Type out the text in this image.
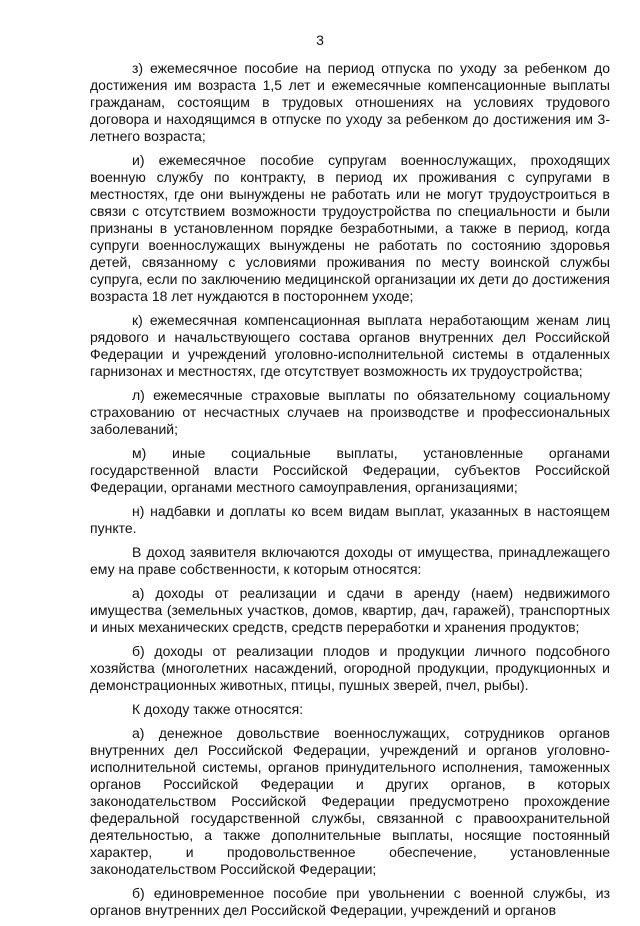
3

з) ежемесячное пособие на период отпуска по уходу за ребенком до достижения им возраста 1,5 лет и ежемесячные компенсационные выплаты гражданам, состоящим в трудовых отношениях на условиях трудового договора и находящимся в отпуске по уходу за ребенком до достижения им 3-летнего возраста;

и) ежемесячное пособие супругам военнослужащих, проходящих военную службу по контракту, в период их проживания с супругами в местностях, где они вынуждены не работать или не могут трудоустроиться в связи с отсутствием возможности трудоустройства по специальности и были признаны в установленном порядке безработными, а также в период, когда супруги военнослужащих вынуждены не работать по состоянию здоровья детей, связанному с условиями проживания по месту воинской службы супруга, если по заключению медицинской организации их дети до достижения возраста 18 лет нуждаются в постороннем уходе;

к) ежемесячная компенсационная выплата неработающим женам лиц рядового и начальствующего состава органов внутренних дел Российской Федерации и учреждений уголовно-исполнительной системы в отдаленных гарнизонах и местностях, где отсутствует возможность их трудоустройства;

л) ежемесячные страховые выплаты по обязательному социальному страхованию от несчастных случаев на производстве и профессиональных заболеваний;

м) иные социальные выплаты, установленные органами государственной власти Российской Федерации, субъектов Российской Федерации, органами местного самоуправления, организациями;

н) надбавки и доплаты ко всем видам выплат, указанных в настоящем пункте.

В доход заявителя включаются доходы от имущества, принадлежащего ему на праве собственности, к которым относятся:

а) доходы от реализации и сдачи в аренду (наем) недвижимого имущества (земельных участков, домов, квартир, дач, гаражей), транспортных и иных механических средств, средств переработки и хранения продуктов;

б) доходы от реализации плодов и продукции личного подсобного хозяйства (многолетних насаждений, огородной продукции, продукционных и демонстрационных животных, птицы, пушных зверей, пчел, рыбы).

К доходу также относятся:

а) денежное довольствие военнослужащих, сотрудников органов внутренних дел Российской Федерации, учреждений и органов уголовно-исполнительной системы, органов принудительного исполнения, таможенных органов Российской Федерации и других органов, в которых законодательством Российской Федерации предусмотрено прохождение федеральной государственной службы, связанной с правоохранительной деятельностью, а также дополнительные выплаты, носящие постоянный характер, и продовольственное обеспечение, установленные законодательством Российской Федерации;

б) единовременное пособие при увольнении с военной службы, из органов внутренних дел Российской Федерации, учреждений и органов
